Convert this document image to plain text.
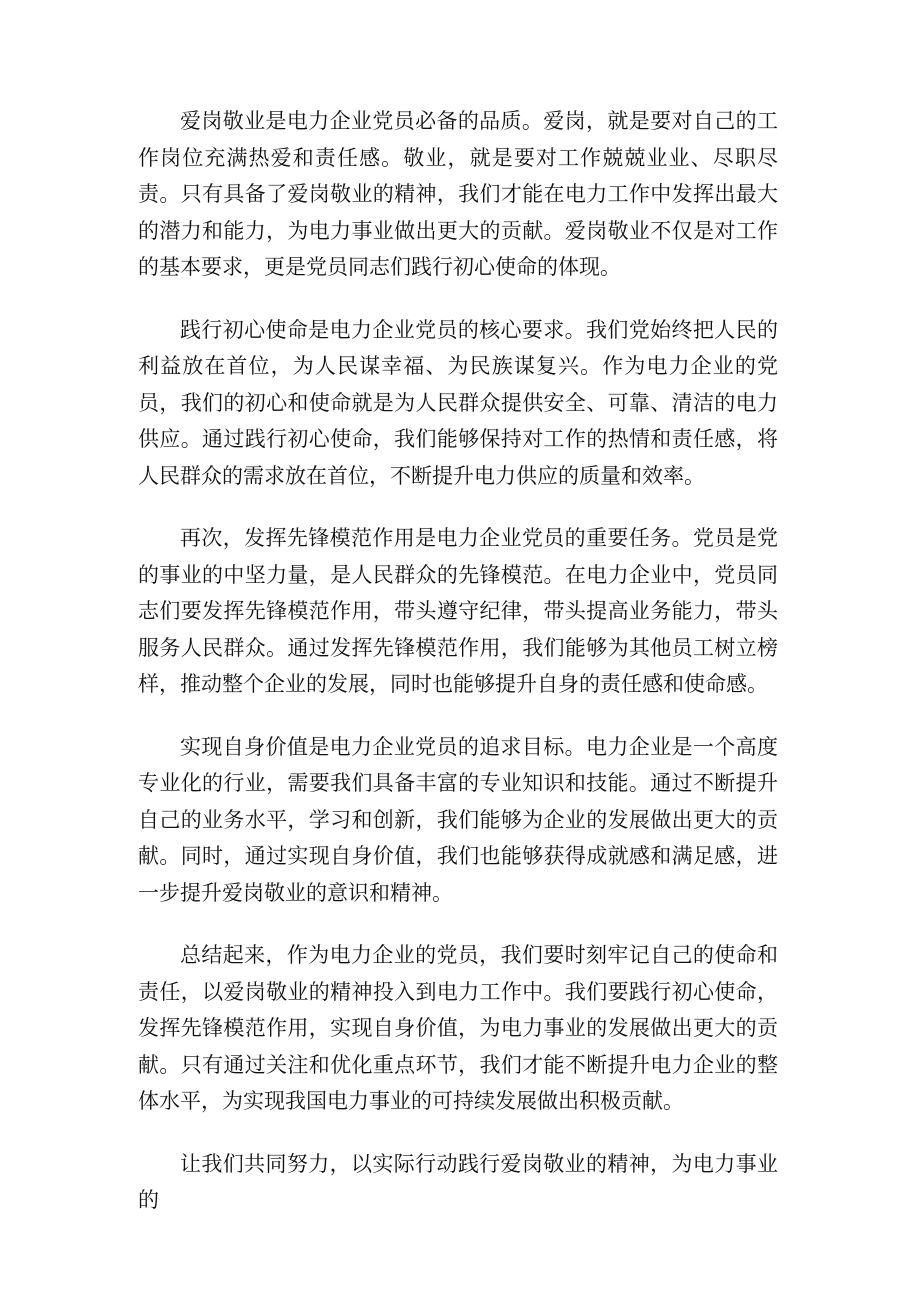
爱岗敬业是电力企业党员必备的品质。爱岗，就是要对自己的工作岗位充满热爱和责任感。敬业，就是要对工作兢兢业业、尽职尽责。只有具备了爱岗敬业的精神，我们才能在电力工作中发挥出最大的潜力和能力，为电力事业做出更大的贡献。爱岗敬业不仅是对工作的基本要求，更是党员同志们践行初心使命的体现。

践行初心使命是电力企业党员的核心要求。我们党始终把人民的利益放在首位，为人民谋幸福、为民族谋复兴。作为电力企业的党员，我们的初心和使命就是为人民群众提供安全、可靠、清洁的电力供应。通过践行初心使命，我们能够保持对工作的热情和责任感，将人民群众的需求放在首位，不断提升电力供应的质量和效率。

再次，发挥先锋模范作用是电力企业党员的重要任务。党员是党的事业的中坚力量，是人民群众的先锋模范。在电力企业中，党员同志们要发挥先锋模范作用，带头遵守纪律，带头提高业务能力，带头服务人民群众。通过发挥先锋模范作用，我们能够为其他员工树立榜样，推动整个企业的发展，同时也能够提升自身的责任感和使命感。

实现自身价值是电力企业党员的追求目标。电力企业是一个高度专业化的行业，需要我们具备丰富的专业知识和技能。通过不断提升自己的业务水平，学习和创新，我们能够为企业的发展做出更大的贡献。同时，通过实现自身价值，我们也能够获得成就感和满足感，进一步提升爱岗敬业的意识和精神。

总结起来，作为电力企业的党员，我们要时刻牢记自己的使命和责任，以爱岗敬业的精神投入到电力工作中。我们要践行初心使命，发挥先锋模范作用，实现自身价值，为电力事业的发展做出更大的贡献。只有通过关注和优化重点环节，我们才能不断提升电力企业的整体水平，为实现我国电力事业的可持续发展做出积极贡献。

让我们共同努力，以实际行动践行爱岗敬业的精神，为电力事业的
